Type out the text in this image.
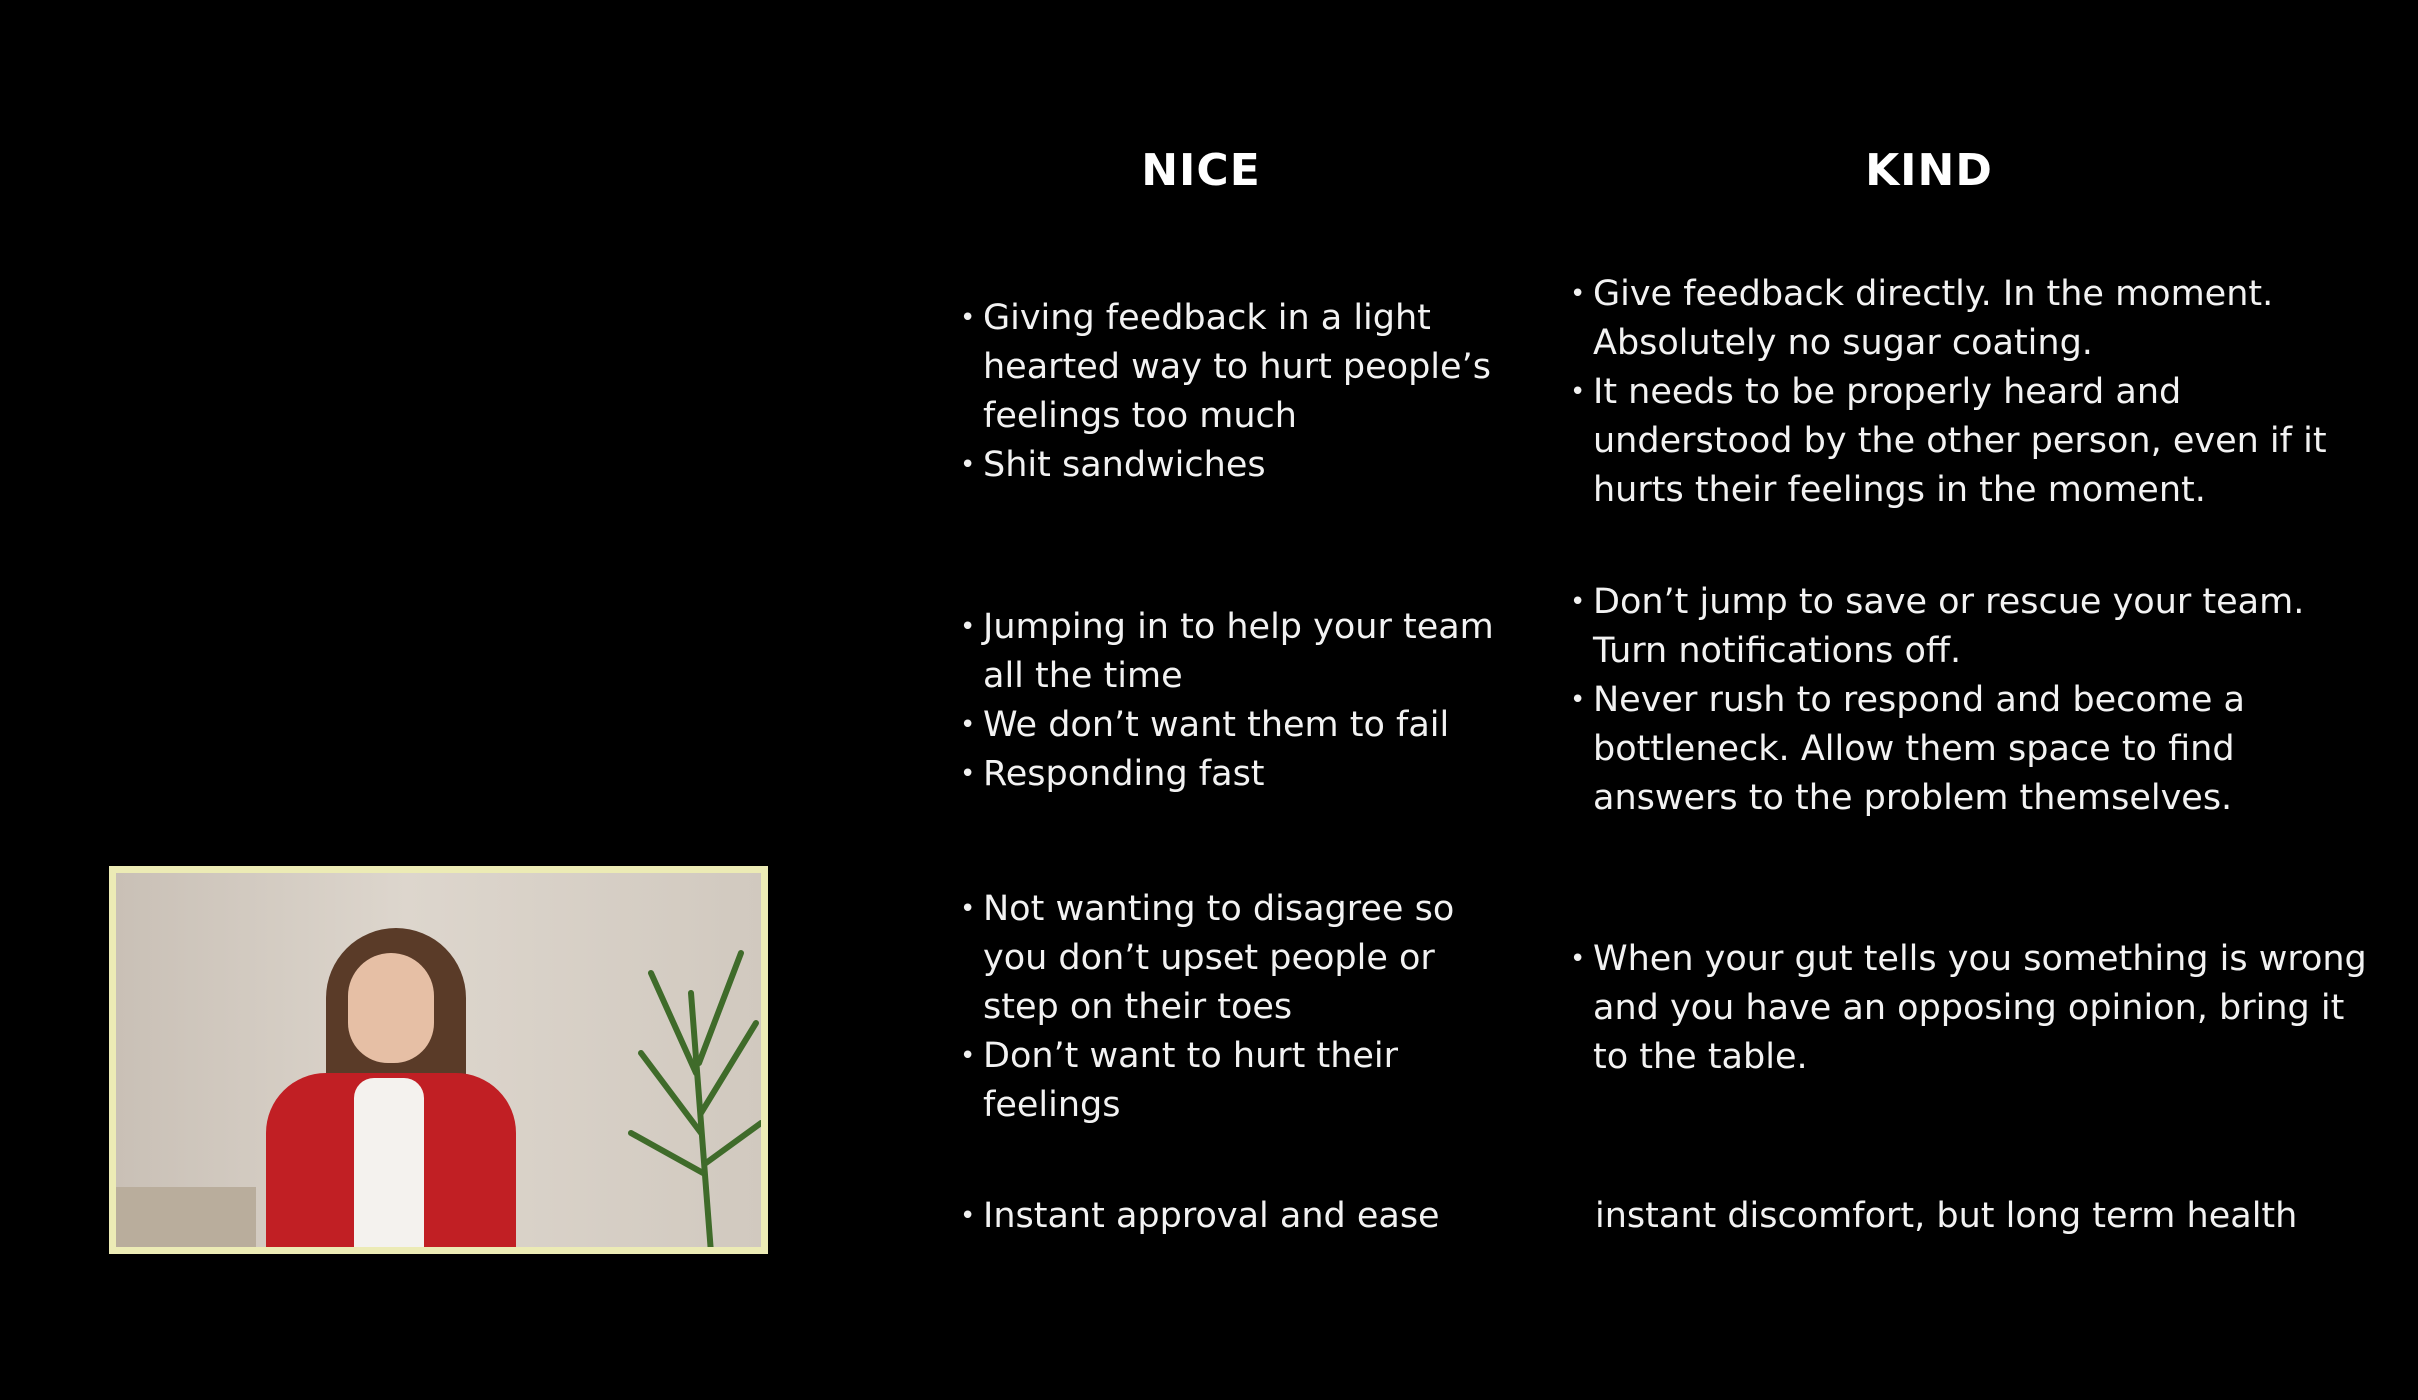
NICE	KIND
• Giving feedback in a light hearted way to hurt people’s feelings too much
• Shit sandwiches
• Jumping in to help your team all the time
• We don’t want them to fail
• Responding fast
• Not wanting to disagree so you don’t upset people or step on their toes
• Don’t want to hurt their feelings
• Instant approval and ease
• Give feedback directly. In the moment. Absolutely no sugar coating.
• It needs to be properly heard and understood by the other person, even if it hurts their feelings in the moment.
• Don’t jump to save or rescue your team. Turn notifications off.
• Never rush to respond and become a bottleneck. Allow them space to find answers to the problem themselves.
• When your gut tells you something is wrong and you have an opposing opinion, bring it to the table.
instant discomfort, but long term health
